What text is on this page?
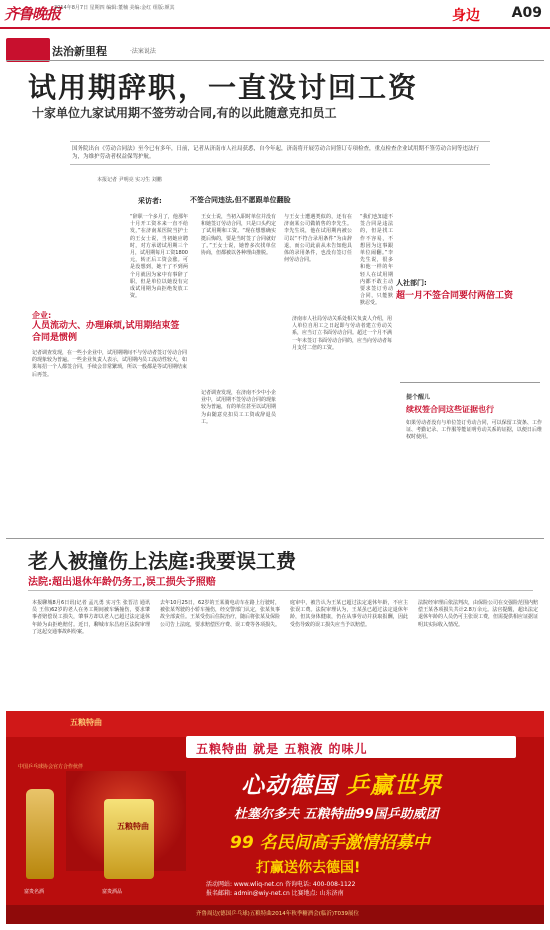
齐鲁晚报
2014年8月7日 星期四 编辑:董楠 美编:金红 组版:颜其	身边 A09
法治新里程	·法案说法
试用期辞职，一直没讨回工资
十家单位九家试用期不签劳动合同,有的以此随意克扣员工
国务院出台《劳动合同法》至今已有多年，日前，记者从济南市人社局获悉，自今年起，济南将开展劳动合同签订专项检查，重点检查企业试用期不签劳动合同等违法行为，为维护劳动者权益保驾护航。
本报记者 尹明亮 实习生 刘鹏
采访者:	不签合同违法,但不愿跟单位翻脸
“辞职一个多月了，他那年十月开工资本来一直不给发，”在济南某医院当护士的王女士说，当初她应聘时，对方承诺试用期三个月，试用期每月工资1800元，转正后工资会涨。可是没想到，她干了不到两个月就因为家中有事辞了职，但是单位以她没有完成试用期为由拒绝发放工资。
王女士说，当初入职时单位并没有和她签订劳动合同，只是口头约定了试用期和工资。“现在想想确实挺后悔的，要是当时签了合同就好了。”王女士说，她曾多次找单位协商，但都被以各种理由推脱。
与王女士遭遇类似的，还有在济南某公司做销售的李先生。李先生说，他在试用期内被公司以“不符合录用条件”为由辞退，而公司此前从未告知他具体的录用条件，也没有签订任何劳动合同。
“我们也知道不签合同是违法的，但是找工作不容易，不想因为这事跟单位闹翻。”李先生说，很多和他一样的年轻人在试用期内都不敢主动要求签订劳动合同，只能默默忍受。
记者调查发现，在济南不少中小企业中，试用期不签劳动合同的现象较为普遍，有的单位甚至以试用期为由随意克扣员工工资或辞退员工。
企业:
人员流动大、办理麻烦,试用期结束签合同是惯例
记者调查发现，在一些小企业中，试用期期间不与劳动者签订劳动合同的现象较为普遍。一些企业负责人表示，试用期内员工流动性较大，如果每招一个人都签合同，手续会非常繁琐，所以一般都是等试用期结束后再签。
人社部门:
超一月不签合同要付两倍工资
济南市人社局劳动关系处相关负责人介绍，用人单位自用工之日起即与劳动者建立劳动关系，应当订立书面劳动合同。超过一个月不满一年未签订书面劳动合同的，应当向劳动者每月支付二倍的工资。
提个醒儿
续权签合同这些证据也行
如果劳动者没有与单位签订劳动合同，可以保留工资条、工作证、考勤记录、工作服等能证明劳动关系的证据，以便日后维权时使用。
老人被撞伤上法庭:我要误工费
法院:超出退休年龄仍务工,误工损失予照赔
本报聊城8月6日讯(记者 孟凡勇 实习生 张晋洁 通讯员 王伟)62岁的老人在务工期间被车辆撞伤，要求肇事者赔偿误工损失，肇事方却以老人已超过法定退休年龄为由拒绝赔付。近日，聊城市东昌府区法院审理了这起交通事故纠纷案。
去年10月25日，62岁的王某骑电动车在路上行驶时，被张某驾驶的小轿车撞伤，经交警部门认定，张某负事故全部责任。王某受伤后住院治疗，随后将张某及保险公司告上法庭，要求赔偿医疗费、误工费等各项损失。
庭审中，被告认为王某已超过法定退休年龄，不应主张误工费。法院审理认为，王某虽已超过法定退休年龄，但其身体健康，仍在从事劳动并获取报酬，因此受伤导致的误工损失应当予以赔偿。
法院经审理后依法判决，由保险公司在交强险范围内赔偿王某各项损失共计2.8万余元。法官提醒，超出法定退休年龄的人员仍可主张误工费，但需提供相应证据证明其实际收入情况。
五粮特曲
中国乒乓球协会官方合作伙伴
五粮特曲
富贵名酒	富贵酒品
五粮特曲 就是 五粮液 的味儿
心动德国 乒赢世界
杜塞尔多夫 五粮特曲99国乒助威团
99 名民间高手激情招募中
打赢送你去德国!
活动网站: www.wliq-net.cn 咨询电话: 400-008-1122
报名邮箱: admin@wiy-net.cn 比赛地点: 山东济南
齐鲁周边(德国乒乓球)五粮特曲2014年秋季糖酒会(临沂)T039展位
